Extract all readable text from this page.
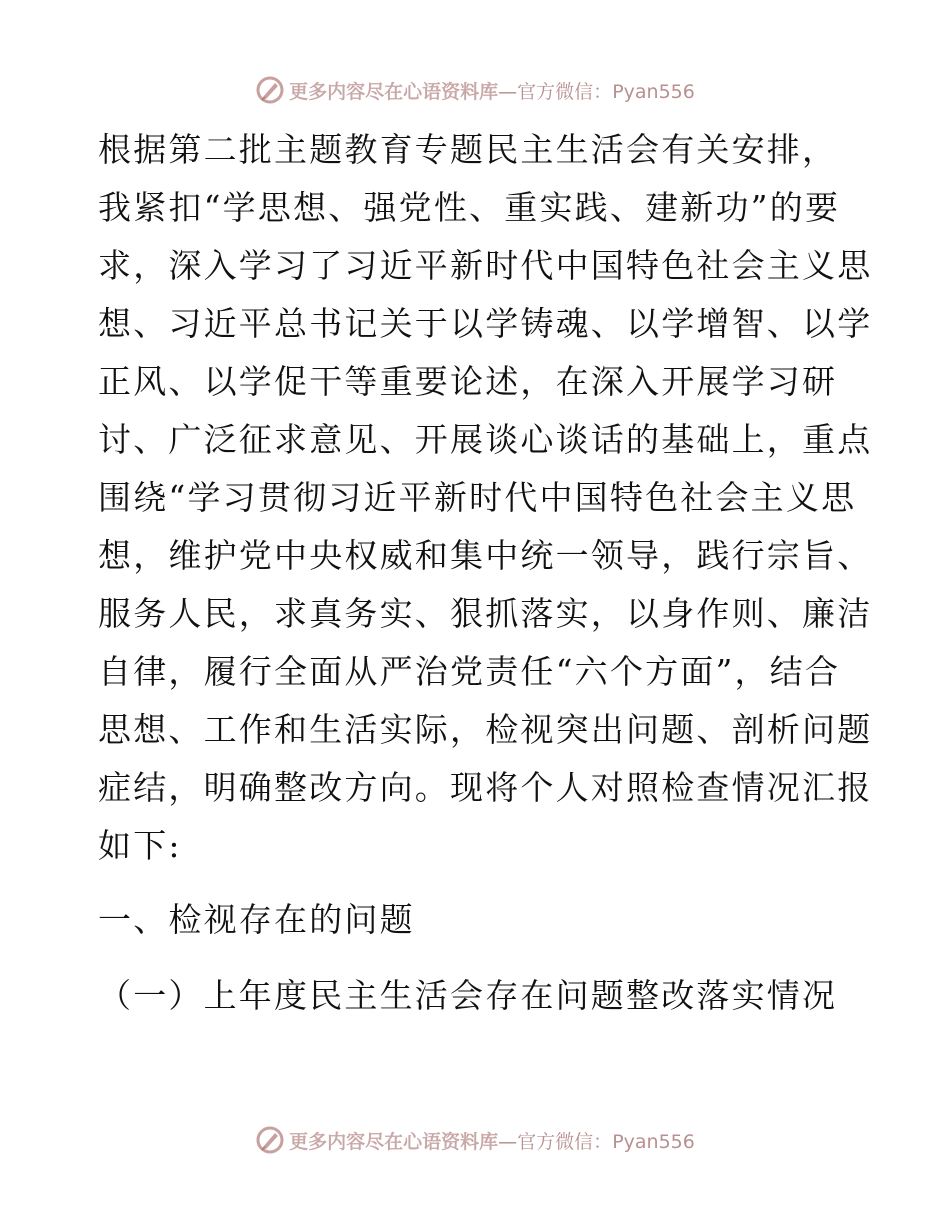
更多内容尽在心语资料库—官方微信：Pyan556
根据第二批主题教育专题民主生活会有关安排，
我紧扣“学思想、强党性、重实践、建新功”的要
求，深入学习了习近平新时代中国特色社会主义思
想、习近平总书记关于以学铸魂、以学增智、以学
正风、以学促干等重要论述，在深入开展学习研
讨、广泛征求意见、开展谈心谈话的基础上，重点
围绕“学习贯彻习近平新时代中国特色社会主义思
想，维护党中央权威和集中统一领导，践行宗旨、
服务人民，求真务实、狠抓落实，以身作则、廉洁
自律，履行全面从严治党责任“六个方面”，结合
思想、工作和生活实际，检视突出问题、剖析问题
症结，明确整改方向。现将个人对照检查情况汇报
如下:
一、检视存在的问题
（一）上年度民主生活会存在问题整改落实情况
更多内容尽在心语资料库—官方微信：Pyan556
